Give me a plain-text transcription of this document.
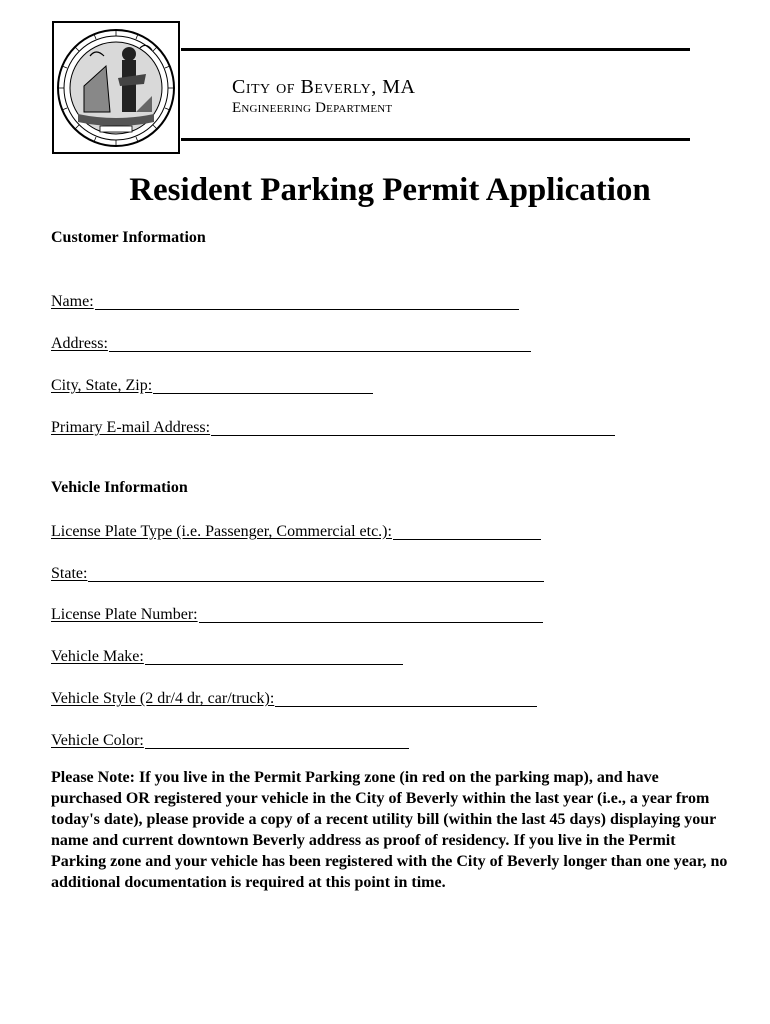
City of Beverly, MA
Engineering Department
Resident Parking Permit Application
Customer Information
Name:
Address:
City, State, Zip:
Primary E-mail Address:
Vehicle Information
License Plate Type (i.e. Passenger, Commercial etc.):
State:
License Plate Number:
Vehicle Make:
Vehicle Style (2 dr/4 dr, car/truck):
Vehicle Color:
Please Note: If you live in the Permit Parking zone (in red on the parking map), and have purchased OR registered your vehicle in the City of Beverly within the last year (i.e., a year from today's date), please provide a copy of a recent utility bill (within the last 45 days) displaying your name and current downtown Beverly address as proof of residency. If you live in the Permit Parking zone and your vehicle has been registered with the City of Beverly longer than one year, no additional documentation is required at this point in time.
